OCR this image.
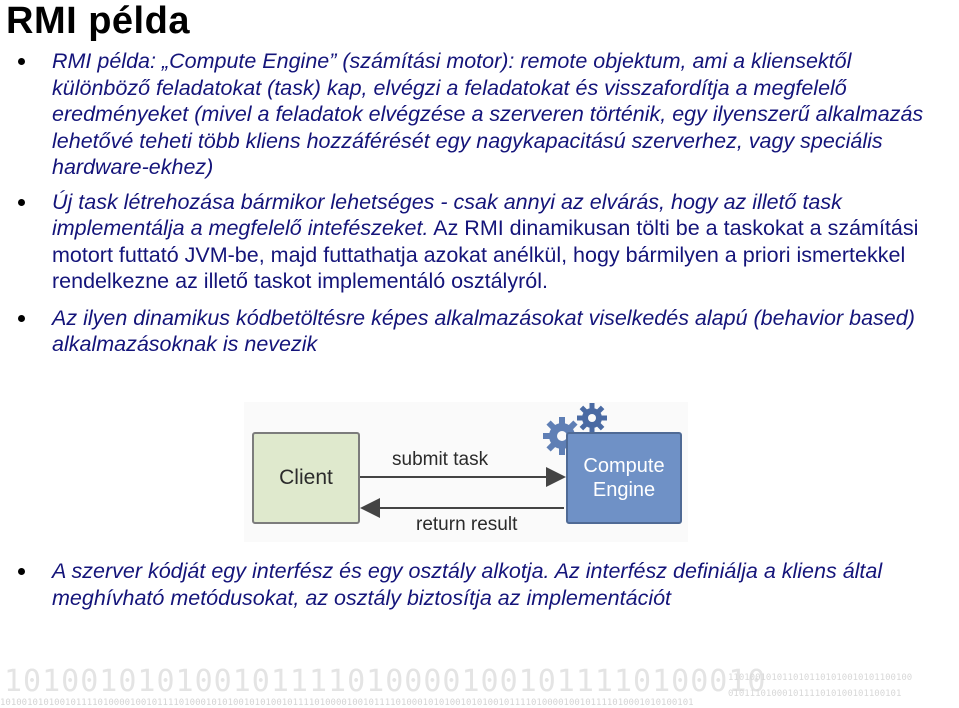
RMI példa
RMI példa: „Compute Engine” (számítási motor): remote objektum, ami a kliensektől különböző feladatokat (task) kap, elvégzi a feladatokat és visszafordítja a megfelelő eredményeket (mivel a feladatok elvégzése a szerveren történik, egy ilyenszerű alkalmazás lehetővé teheti több kliens hozzáférését egy nagykapacitású szerverhez, vagy speciális hardware-ekhez)
Új task létrehozása bármikor lehetséges - csak annyi az elvárás, hogy az illető task implementálja a megfelelő intefészeket. Az RMI dinamikusan tölti be a taskokat a számítási motort futtató JVM-be, majd futtathatja azokat anélkül, hogy bármilyen a priori ismertekkel rendelkezne az illető taskot implementáló osztályról.
Az ilyen dinamikus kódbetöltésre képes alkalmazásokat viselkedés alapú (behavior based) alkalmazásoknak is nevezik
Client	Compute
Engine
submit task
return result
A szerver kódját egy interfész és egy osztály alkotja. Az interfész definiálja a kliens által meghívható metódusokat, az osztály biztosítja az implementációt
1010010101001011110100001001011110100010
10100101010010111101000010010111101000101010010101001011110100001001011110100010101001010100101111010000100101111010001010100101
1101001010110101101010010101100100
01011101000101111010100101100101
